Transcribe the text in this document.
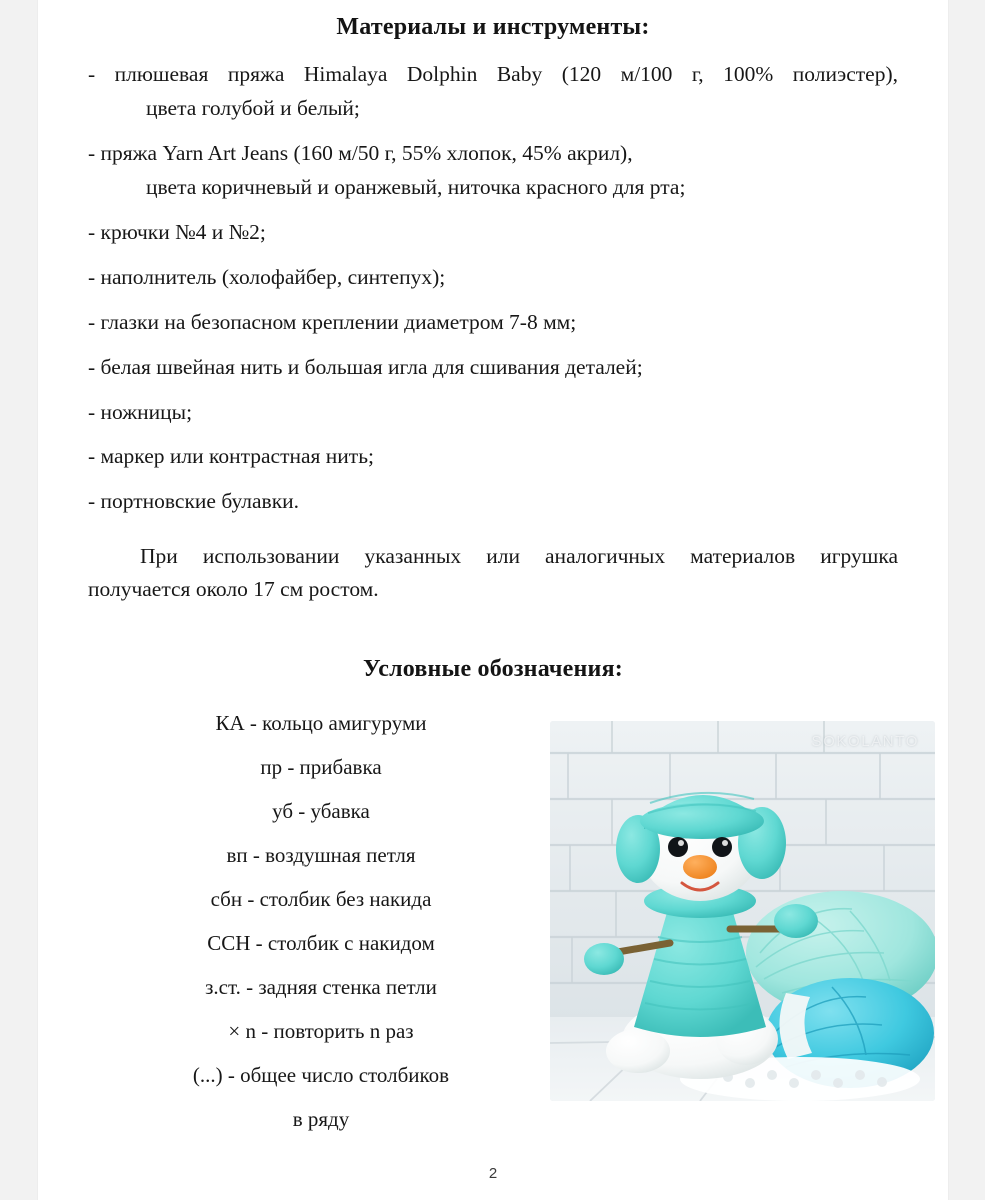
Материалы и инструменты:
- плюшевая пряжа Himalaya Dolphin Baby (120 м/100 г, 100% полиэстер),
цвета голубой и белый;
- пряжа Yarn Art Jeans (160 м/50 г, 55% хлопок, 45% акрил),
цвета коричневый и оранжевый, ниточка красного для рта;
- крючки №4 и №2;
- наполнитель (холофайбер, синтепух);
- глазки на безопасном креплении диаметром 7-8 мм;
- белая швейная нить и большая игла для сшивания деталей;
- ножницы;
- маркер или контрастная нить;
- портновские булавки.

При использовании указанных или аналогичных материалов игрушка
получается около 17 см ростом.

Условные обозначения:
КА - кольцо амигуруми
пр - прибавка
уб - убавка
вп - воздушная петля
сбн - столбик без накида
ССН - столбик с накидом
з.ст. - задняя стенка петли
× n - повторить n раз
(...) - общее число столбиков
в ряду
SOKOLANTO
2
